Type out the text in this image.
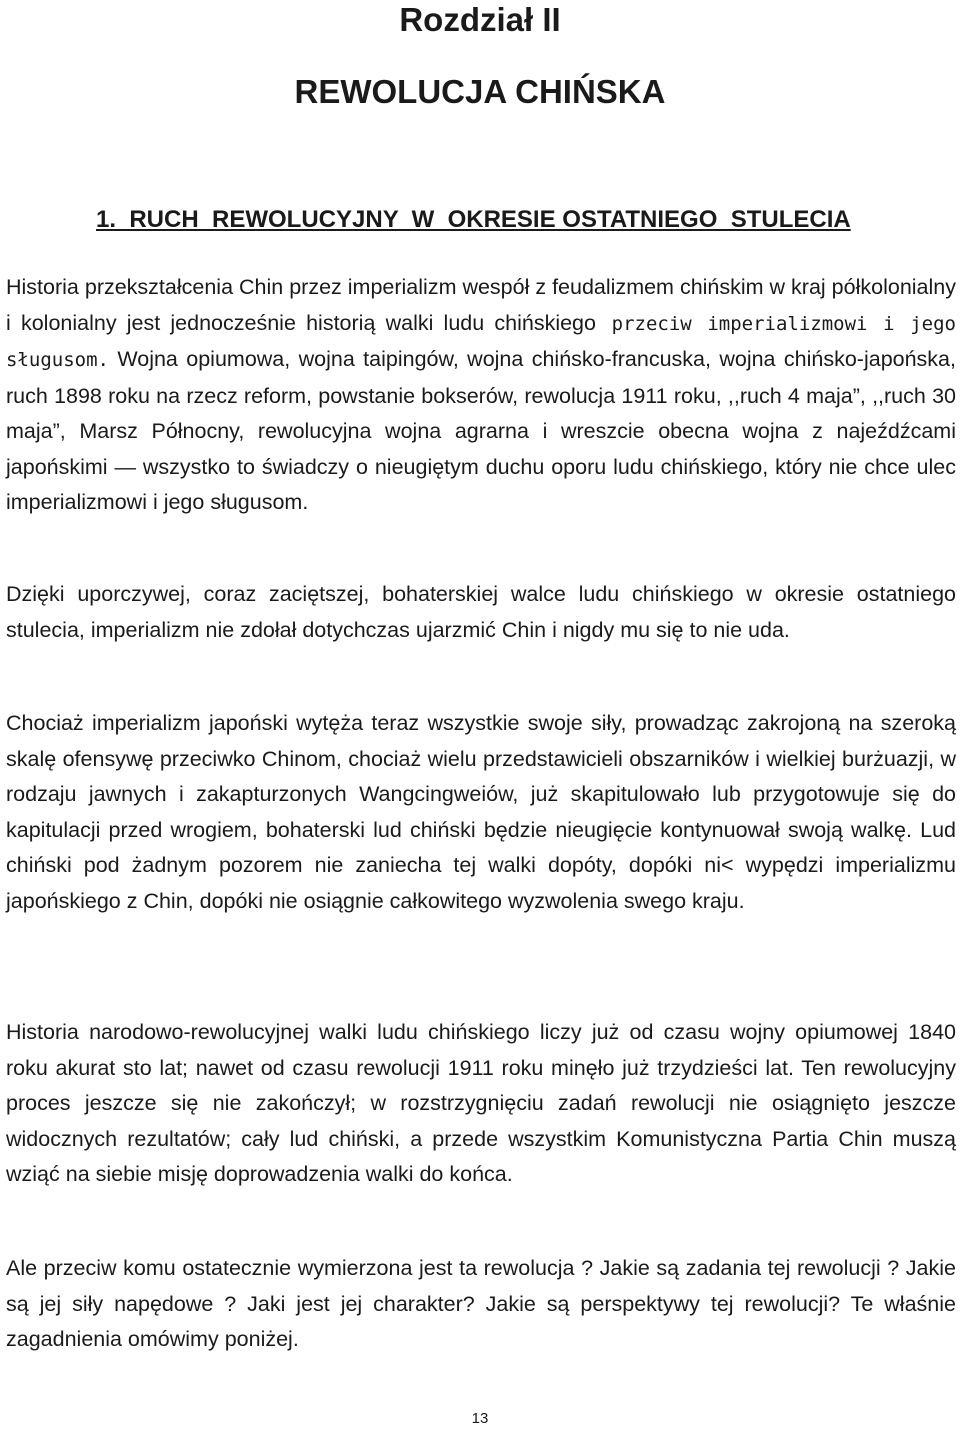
Rozdział II
REWOLUCJA CHIŃSKA
1.  RUCH  REWOLUCYJNY  W  OKRESIE OSTATNIEGO  STULECIA

Historia przekształcenia Chin przez imperializm wespół z feudalizmem chińskim w kraj półkolonialny i kolonialny jest jednocześnie historią walki ludu chińskiego przeciw imperializmowi i jego sługusom. Wojna opiumowa, wojna taipingów, wojna chińsko-francuska, wojna chińsko-japońska, ruch 1898 roku na rzecz reform, powstanie bokserów, rewolucja 1911 roku, ,,ruch 4 maja”, ,,ruch 30 maja”, Marsz Północny, rewolucyjna wojna agrarna i wreszcie obecna wojna z najeźdźcami japońskimi — wszystko to świadczy o nieugiętym duchu oporu ludu chińskiego, który nie chce ulec imperializmowi i jego sługusom.

Dzięki uporczywej, coraz zaciętszej, bohaterskiej walce ludu chińskiego w okresie ostatniego stulecia, imperializm nie zdołał dotychczas ujarzmić Chin i nigdy mu się to nie uda.

Chociaż imperializm japoński wytęża teraz wszystkie swoje siły, prowadząc zakrojoną na szeroką skalę ofensywę przeciwko Chinom, chociaż wielu przedstawicieli obszarników i wielkiej burżuazji, w rodzaju jawnych i zakapturzonych Wangcingweiów, już skapitulowało lub przygotowuje się do kapitulacji przed wrogiem, bohaterski lud chiński będzie nieugięcie kontynuował swoją walkę. Lud chiński pod żadnym pozorem nie zaniecha tej walki dopóty, dopóki ni< wypędzi imperializmu japońskiego z Chin, dopóki nie osiągnie całkowitego wyzwolenia swego kraju.

Historia narodowo-rewolucyjnej walki ludu chińskiego liczy już od czasu wojny opiumowej 1840 roku akurat sto lat; nawet od czasu rewolucji 1911 roku minęło już trzydzieści lat. Ten rewolucyjny proces jeszcze się nie zakończył; w rozstrzygnięciu zadań rewolucji nie osiągnięto jeszcze widocznych rezultatów; cały lud chiński, a przede wszystkim Komunistyczna Partia Chin muszą wziąć na siebie misję doprowadzenia walki do końca.

Ale przeciw komu ostatecznie wymierzona jest ta rewolucja ? Jakie są zadania tej rewolucji ? Jakie są jej siły napędowe ? Jaki jest jej charakter? Jakie są perspektywy tej rewolucji? Te właśnie zagadnienia omówimy poniżej.

13
